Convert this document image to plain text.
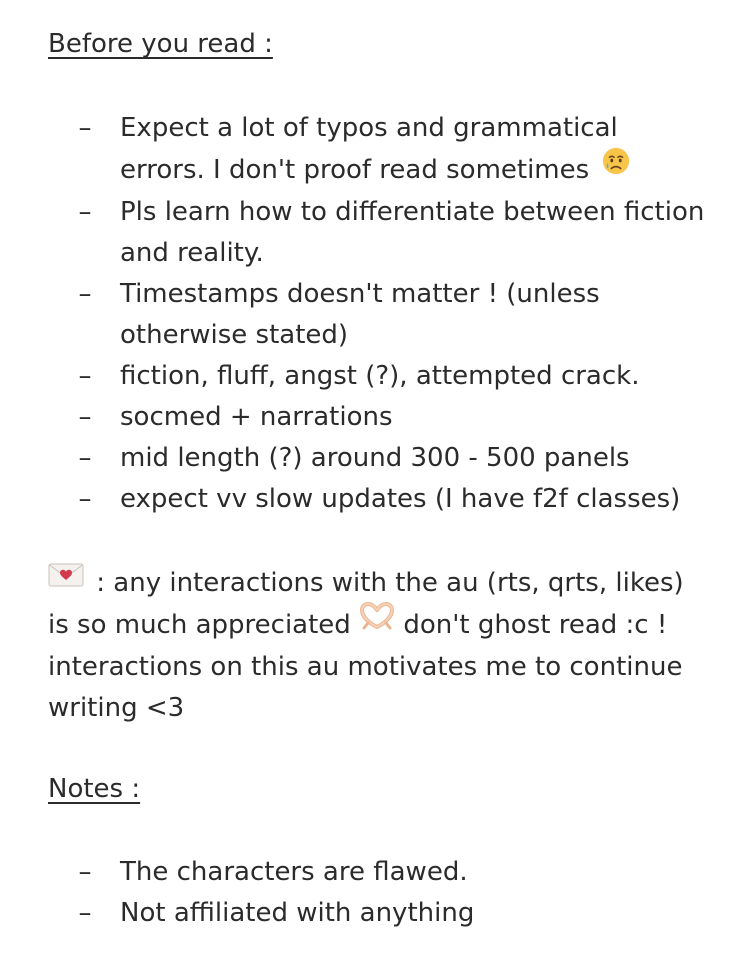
Before you read :
– Expect a lot of typos and grammatical
errors. I don't proof read sometimes
– Pls learn how to differentiate between fiction
and reality.
– Timestamps doesn't matter ! (unless
otherwise stated)
– fiction, fluff, angst (?), attempted crack.
– socmed + narrations
– mid length (?) around 300 - 500 panels
– expect vv slow updates (I have f2f classes)
: any interactions with the au (rts, qrts, likes)
is so much appreciated don't ghost read :c !
interactions on this au motivates me to continue
writing <3
Notes :
– The characters are flawed.
– Not affiliated with anything
